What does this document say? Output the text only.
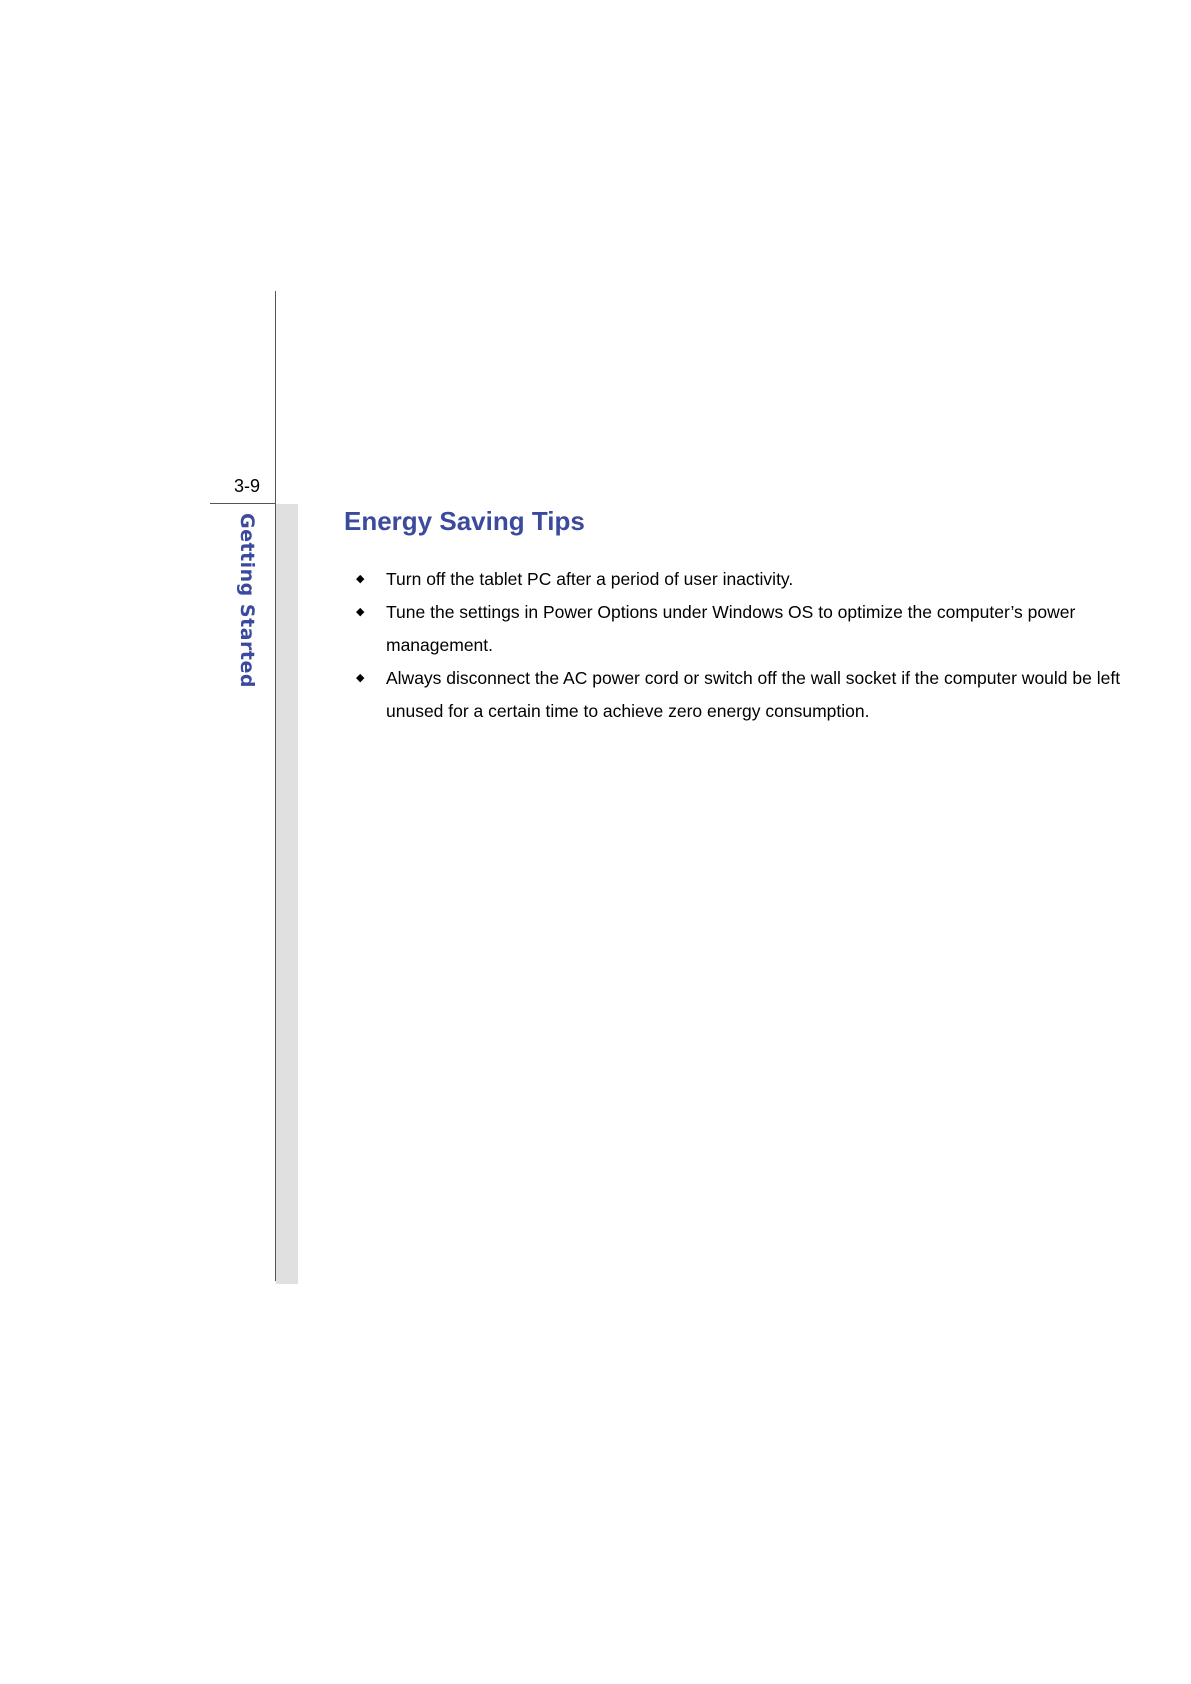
3-9
Getting Started	Energy Saving Tips
◆ Turn off the tablet PC after a period of user inactivity.
◆ Tune the settings in Power Options under Windows OS to optimize the computer’s power management.
◆ Always disconnect the AC power cord or switch off the wall socket if the computer would be left unused for a certain time to achieve zero energy consumption.
